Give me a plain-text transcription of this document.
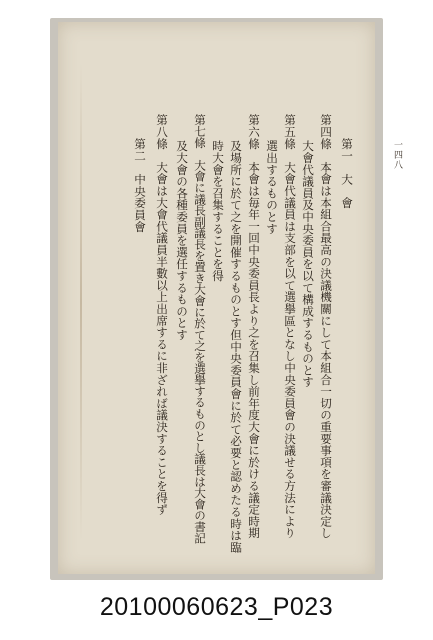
一四八
第一　大　會
第四條　本會は本組合最高の決議機關にして本組合一切の重要事項を審議決定し
大會代議員及中央委員を以て構成するものとす
第五條　大會代議員は支部を以て選擧區となし中央委員會の決議せる方法により
選出するものとす
第六條　本會は毎年一回中央委員長より之を召集し前年度大會に於ける議定時期
及場所に於て之を開催するものとす但中央委員會に於て必要と認めたる時は臨
時大會を召集することを得
第七條　大會に議長副議長を置き大會に於て之を選擧するものとし議長は大會の書記
及大會の各種委員を選任するものとす
第八條　大會は大會代議員半數以上出席するに非ざれば議決することを得ず
第二　中央委員會
20100060623_P023
